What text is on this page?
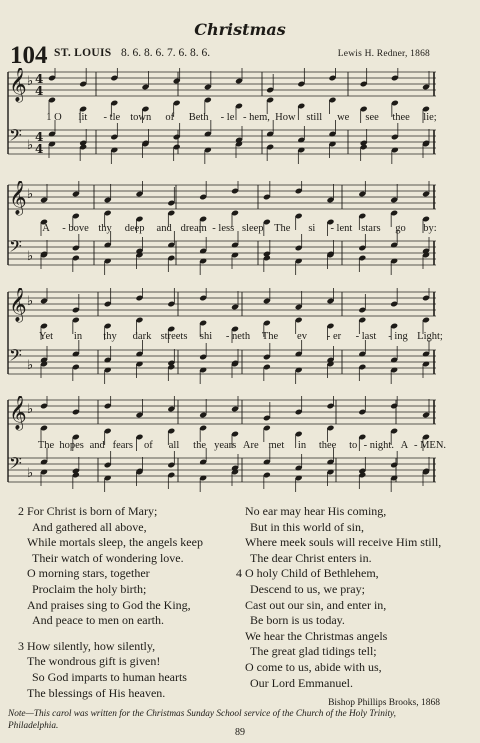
Christmas
104 ST. LOUIS 8. 6. 8. 6. 7. 6. 8. 6.	Lewis H. Redner, 1868
𝄞 ♭ 4
4
𝄢 ♭
4
4
1 O lit - tle town of Beth - le - hem, How still we see thee lie;
𝄞 ♭
𝄢 ♭
A - bove thy deep and dream - less sleep The si - lent stars go by:
𝄞 ♭
𝄢 ♭
Yet in thy dark streets shi - neth The ev - er - last - ing Light;
𝄞 ♭
𝄢 ♭
The hopes and fears of all the years Are met in thee to - night. A - MEN.
2 For Christ is born of Mary;
And gathered all above,
While mortals sleep, the angels keep
Their watch of wondering love.
O morning stars, together
Proclaim the holy birth;
And praises sing to God the King,
And peace to men on earth.

3 How silently, how silently,
The wondrous gift is given!
So God imparts to human hearts
The blessings of His heaven.
No ear may hear His coming,
But in this world of sin,
Where meek souls will receive Him still,
The dear Christ enters in.
4 O holy Child of Bethlehem,
Descend to us, we pray;
Cast out our sin, and enter in,
Be born is us today.
We hear the Christmas angels
The great glad tidings tell;
O come to us, abide with us,
Our Lord Emmanuel.
Bishop Phillips Brooks, 1868
Note—This carol was written for the Christmas Sunday School service of the Church of the Holy Trinity, Philadelphia.
89
